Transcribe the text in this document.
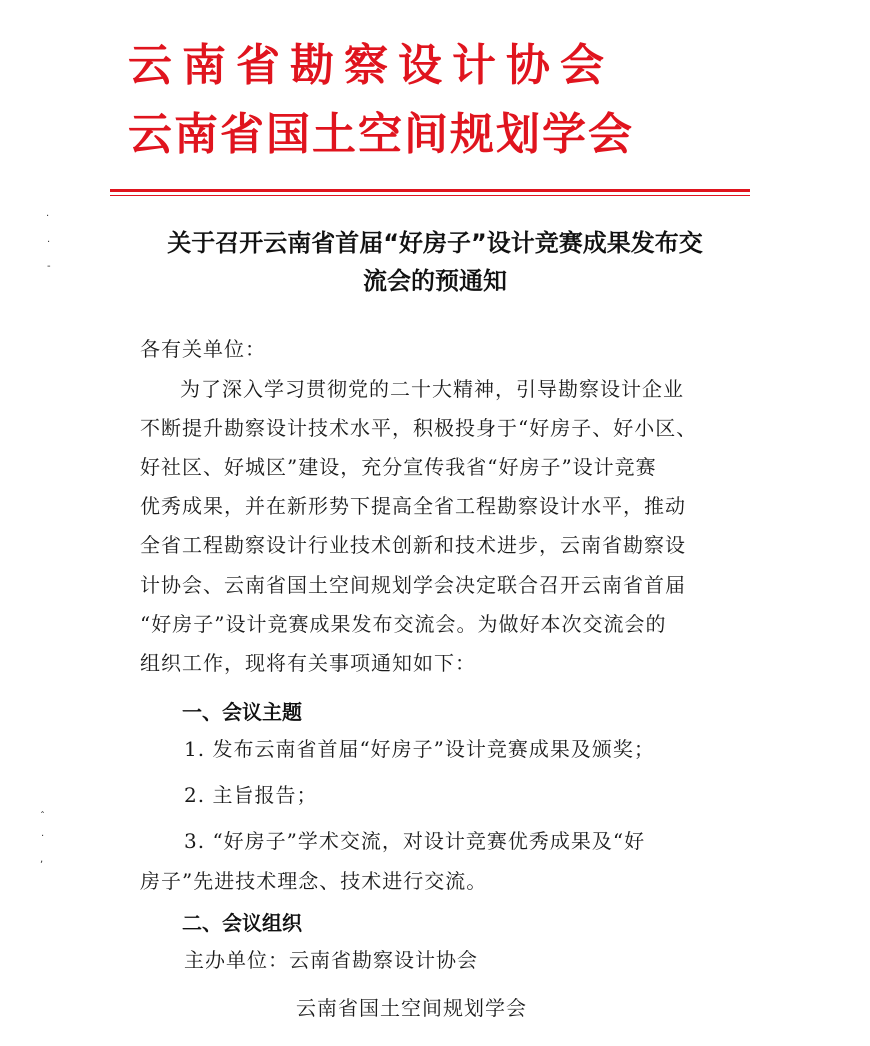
云南省勘察设计协会
云南省国土空间规划学会
关于召开云南省首届“好房子”设计竞赛成果发布交
流会的预通知
各有关单位：
为了深入学习贯彻党的二十大精神，引导勘察设计企业
不断提升勘察设计技术水平，积极投身于“好房子、好小区、
好社区、好城区”建设，充分宣传我省“好房子”设计竞赛
优秀成果，并在新形势下提高全省工程勘察设计水平，推动
全省工程勘察设计行业技术创新和技术进步，云南省勘察设
计协会、云南省国土空间规划学会决定联合召开云南省首届
“好房子”设计竞赛成果发布交流会。为做好本次交流会的
组织工作，现将有关事项通知如下：
一、会议主题
1. 发布云南省首届“好房子”设计竞赛成果及颁奖；
2. 主旨报告；
3. “好房子”学术交流，对设计竞赛优秀成果及“好
房子”先进技术理念、技术进行交流。
二、会议组织
主办单位：云南省勘察设计协会
云南省国土空间规划学会
·
·
-
ˆ
·
,
